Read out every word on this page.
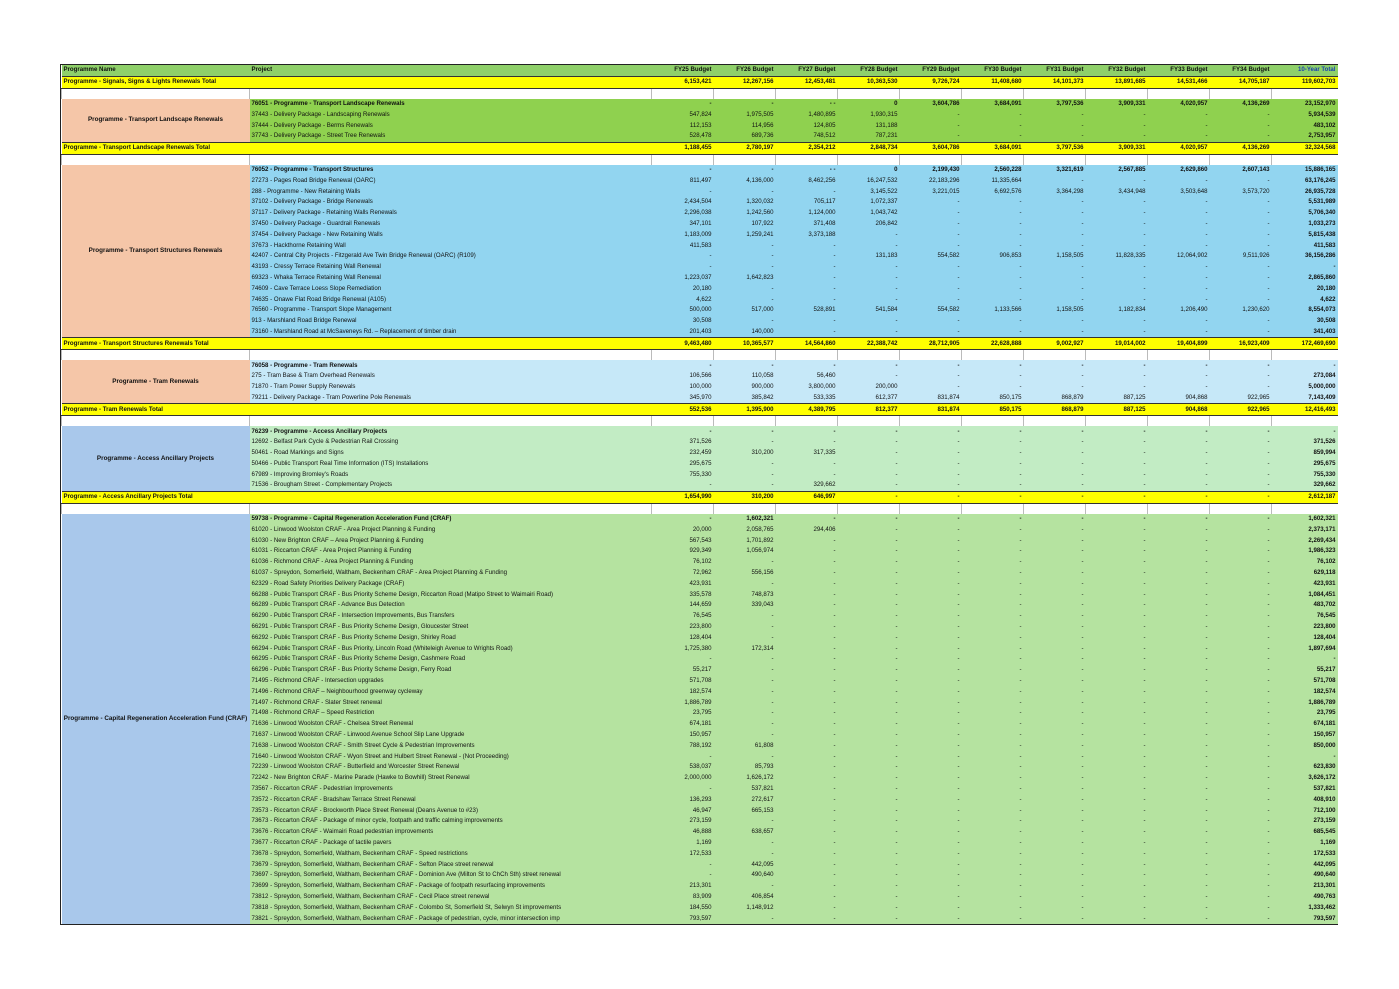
Programme Name	Project	FY25 Budget	FY26 Budget	FY27 Budget	FY28 Budget	FY29 Budget	FY30 Budget	FY31 Budget	FY32 Budget	FY33 Budget	FY34 Budget	10-Year Total
Programme - Signals, Signs & Lights Renewals Total		6,153,421	12,267,156	12,453,481	10,363,530	9,726,724	11,408,680	14,101,373	13,891,685	14,531,466	14,705,187	119,602,703

Programme - Transport Landscape Renewals	76051 - Programme - Transport Landscape Renewals	-	-	- -	0	3,604,786	3,684,091	3,797,536	3,909,331	4,020,957	4,136,269	23,152,970
	37443 - Delivery Package - Landscaping Renewals	547,824	1,975,505	1,480,895	1,930,315	-	-	-	-	-	-	5,934,539
	37444 - Delivery Package - Berms Renewals	112,153	114,956	124,805	131,188	-	-	-	-	-	-	483,102
	37743 - Delivery Package - Street Tree Renewals	528,478	689,736	748,512	787,231	-	-	-	-	-	-	2,753,957
Programme - Transport Landscape Renewals Total		1,188,455	2,780,197	2,354,212	2,848,734	3,604,786	3,684,091	3,797,536	3,909,331	4,020,957	4,136,269	32,324,568

Programme - Transport Structures Renewals	76052 - Programme - Transport Structures	-	-	- -	0	2,199,430	2,560,228	3,321,619	2,567,885	2,629,860	2,607,143	15,886,165
	27273 - Pages Road Bridge Renewal (OARC)	811,497	4,136,000	8,462,256	16,247,532	22,183,296	11,335,664	-	-	-	-	63,176,245
	288 - Programme - New Retaining Walls	-	-	-	3,145,522	3,221,015	6,692,576	3,364,298	3,434,948	3,503,648	3,573,720	26,935,728
	37102 - Delivery Package - Bridge Renewals	2,434,504	1,320,032	705,117	1,072,337	-	-	-	-	-	-	5,531,989
	37117 - Delivery Package - Retaining Walls Renewals	2,296,038	1,242,560	1,124,000	1,043,742	-	-	-	-	-	-	5,706,340
	37450 - Delivery Package - Guardrail Renewals	347,101	107,922	371,408	206,842	-	-	-	-	-	-	1,033,273
	37454 - Delivery Package - New Retaining Walls	1,183,009	1,259,241	3,373,188	-	-	-	-	-	-	-	5,815,438
	37673 - Hackthorne Retaining Wall	411,583	-	-	-	-	-	-	-	-	-	411,583
	42407 - Central City Projects - Fitzgerald Ave Twin Bridge Renewal (OARC) (R109)	-	-	-	131,183	554,582	906,853	1,158,505	11,828,335	12,064,902	9,511,926	36,156,286
	43193 - Cressy Terrace Retaining Wall Renewal	-	-	-	-	-	-	-	-	-	-	-
	69323 - Whaka Terrace Retaining Wall Renewal	1,223,037	1,642,823	-	-	-	-	-	-	-	-	2,865,860
	74609 - Cave Terrace Loess Slope Remediation	20,180	-	-	-	-	-	-	-	-	-	20,180
	74635 - Onawe Flat Road Bridge Renewal (A105)	4,622	-	-	-	-	-	-	-	-	-	4,622
	76560 - Programme - Transport Slope Management	500,000	517,000	528,891	541,584	554,582	1,133,566	1,158,505	1,182,834	1,206,490	1,230,620	8,554,073
	913 - Marshland Road Bridge Renewal	30,508	-	-	-	-	-	-	-	-	-	30,508
	73160 - Marshland Road at McSaveneys Rd. – Replacement of timber drain	201,403	140,000	-	-	-	-	-	-	-	-	341,403
Programme - Transport Structures Renewals Total		9,463,480	10,365,577	14,564,860	22,388,742	28,712,905	22,628,888	9,002,927	19,014,002	19,404,899	16,923,409	172,469,690

Programme - Tram Renewals	76058 - Programme - Tram Renewals	-	-	-	-	-	-	-	-	-	-	-
	275 - Tram Base & Tram Overhead Renewals	106,566	110,058	56,460	-	-	-	-	-	-	-	273,084
	71870 - Tram Power Supply Renewals	100,000	900,000	3,800,000	200,000	-	-	-	-	-	-	5,000,000
	79211 - Delivery Package - Tram Powerline Pole Renewals	345,970	385,842	533,335	612,377	831,874	850,175	868,879	887,125	904,868	922,965	7,143,409
Programme - Tram Renewals Total		552,536	1,395,900	4,389,795	812,377	831,874	850,175	868,879	887,125	904,868	922,965	12,416,493

Programme - Access Ancillary Projects	76239 - Programme - Access Ancillary Projects	-	-	-	-	-	-	-	-	-	-	-
	12692 - Belfast Park Cycle & Pedestrian Rail Crossing	371,526	-	-	-	-	-	-	-	-	-	371,526
	50461 - Road Markings and Signs	232,459	310,200	317,335	-	-	-	-	-	-	-	859,994
	50466 - Public Transport Real Time Information (ITS) Installations	295,675	-	-	-	-	-	-	-	-	-	295,675
	67989 - Improving Bromley's Roads	755,330	-	-	-	-	-	-	-	-	-	755,330
	71536 - Brougham Street - Complementary Projects	-	-	329,662	-	-	-	-	-	-	-	329,662
Programme - Access Ancillary Projects Total		1,654,990	310,200	646,997	-	-	-	-	-	-	-	2,612,187

Programme - Capital Regeneration Acceleration Fund (CRAF)	59738 - Programme - Capital Regeneration Acceleration Fund (CRAF)	-	1,602,321	-	-	-	-	-	-	-	-	1,602,321
	61020 - Linwood Woolston CRAF - Area Project Planning & Funding	20,000	2,058,765	294,406	-	-	-	-	-	-	-	2,373,171
	61030 - New Brighton CRAF – Area Project Planning & Funding	567,543	1,701,892	-	-	-	-	-	-	-	-	2,269,434
	61031 - Riccarton CRAF - Area Project Planning & Funding	929,349	1,056,974	-	-	-	-	-	-	-	-	1,986,323
	61036 - Richmond CRAF - Area Project Planning & Funding	76,102	-	-	-	-	-	-	-	-	-	76,102
	61037 - Spreydon, Somerfield, Waltham, Beckenham CRAF - Area Project Planning & Funding	72,962	556,156	-	-	-	-	-	-	-	-	629,118
	62329 - Road Safety Priorities Delivery Package (CRAF)	423,931	-	-	-	-	-	-	-	-	-	423,931
	66288 - Public Transport CRAF - Bus Priority Scheme Design, Riccarton Road (Matipo Street to Waimairi Road)	335,578	748,873	-	-	-	-	-	-	-	-	1,084,451
	66289 - Public Transport CRAF - Advance Bus Detection	144,659	339,043	-	-	-	-	-	-	-	-	483,702
	66290 - Public Transport CRAF - Intersection Improvements, Bus Transfers	76,545	-	-	-	-	-	-	-	-	-	76,545
	66291 - Public Transport CRAF - Bus Priority Scheme Design, Gloucester Street	223,800	-	-	-	-	-	-	-	-	-	223,800
	66292 - Public Transport CRAF - Bus Priority Scheme Design, Shirley Road	128,404	-	-	-	-	-	-	-	-	-	128,404
	66294 - Public Transport CRAF - Bus Priority, Lincoln Road (Whiteleigh Avenue to Wrights Road)	1,725,380	172,314	-	-	-	-	-	-	-	-	1,897,694
	66295 - Public Transport CRAF - Bus Priority Scheme Design, Cashmere Road	-	-	-	-	-	-	-	-	-	-	-
	66296 - Public Transport CRAF - Bus Priority Scheme Design, Ferry Road	55,217	-	-	-	-	-	-	-	-	-	55,217
	71495 - Richmond CRAF - Intersection upgrades	571,708	-	-	-	-	-	-	-	-	-	571,708
	71496 - Richmond CRAF – Neighbourhood greenway cycleway	182,574	-	-	-	-	-	-	-	-	-	182,574
	71497 - Richmond CRAF - Slater Street renewal	1,886,789	-	-	-	-	-	-	-	-	-	1,886,789
	71498 - Richmond CRAF – Speed Restriction	23,795	-	-	-	-	-	-	-	-	-	23,795
	71636 - Linwood Woolston CRAF - Chelsea Street Renewal	674,181	-	-	-	-	-	-	-	-	-	674,181
	71637 - Linwood Woolston CRAF - Linwood Avenue School Slip Lane Upgrade	150,957	-	-	-	-	-	-	-	-	-	150,957
	71638 - Linwood Woolston CRAF - Smith Street Cycle & Pedestrian Improvements	788,192	61,808	-	-	-	-	-	-	-	-	850,000
	71640 - Linwood Woolston CRAF - Wyon Street and Hulbert Street Renewal - (Not Proceeding)	-	-	-	-	-	-	-	-	-	-	-
	72239 - Linwood Woolston CRAF - Butterfield and Worcester Street Renewal	538,037	85,793	-	-	-	-	-	-	-	-	623,830
	72242 - New Brighton CRAF - Marine Parade (Hawke to Bowhill) Street Renewal	2,000,000	1,626,172	-	-	-	-	-	-	-	-	3,626,172
	73567 - Riccarton CRAF - Pedestrian Improvements	-	537,821	-	-	-	-	-	-	-	-	537,821
	73572 - Riccarton CRAF - Bradshaw Terrace Street Renewal	136,293	272,617	-	-	-	-	-	-	-	-	408,910
	73573 - Riccarton CRAF - Brockworth Place Street Renewal (Deans Avenue to #23)	46,947	665,153	-	-	-	-	-	-	-	-	712,100
	73673 - Riccarton CRAF - Package of minor cycle, footpath and traffic calming improvements	273,159	-	-	-	-	-	-	-	-	-	273,159
	73676 - Riccarton CRAF - Waimairi Road pedestrian improvements	46,888	638,657	-	-	-	-	-	-	-	-	685,545
	73677 - Riccarton CRAF - Package of tactile pavers	1,169	-	-	-	-	-	-	-	-	-	1,169
	73678 - Spreydon, Somerfield, Waltham, Beckenham CRAF - Speed restrictions	172,533	-	-	-	-	-	-	-	-	-	172,533
	73679 - Spreydon, Somerfield, Waltham, Beckenham CRAF - Sefton Place street renewal	-	442,095	-	-	-	-	-	-	-	-	442,095
	73697 - Spreydon, Somerfield, Waltham, Beckenham CRAF - Dominion Ave (Milton St to ChCh Sth) street renewal	-	490,640	-	-	-	-	-	-	-	-	490,640
	73699 - Spreydon, Somerfield, Waltham, Beckenham CRAF - Package of footpath resurfacing improvements	213,301	-	-	-	-	-	-	-	-	-	213,301
	73812 - Spreydon, Somerfield, Waltham, Beckenham CRAF - Cecil Place street renewal	83,909	406,854	-	-	-	-	-	-	-	-	490,763
	73818 - Spreydon, Somerfield, Waltham, Beckenham CRAF - Colombo St, Somerfield St, Selwyn St improvements	184,550	1,148,912	-	-	-	-	-	-	-	-	1,333,462
	73821 - Spreydon, Somerfield, Waltham, Beckenham CRAF - Package of pedestrian, cycle, minor intersection imp	793,597	-	-	-	-	-	-	-	-	-	793,597
